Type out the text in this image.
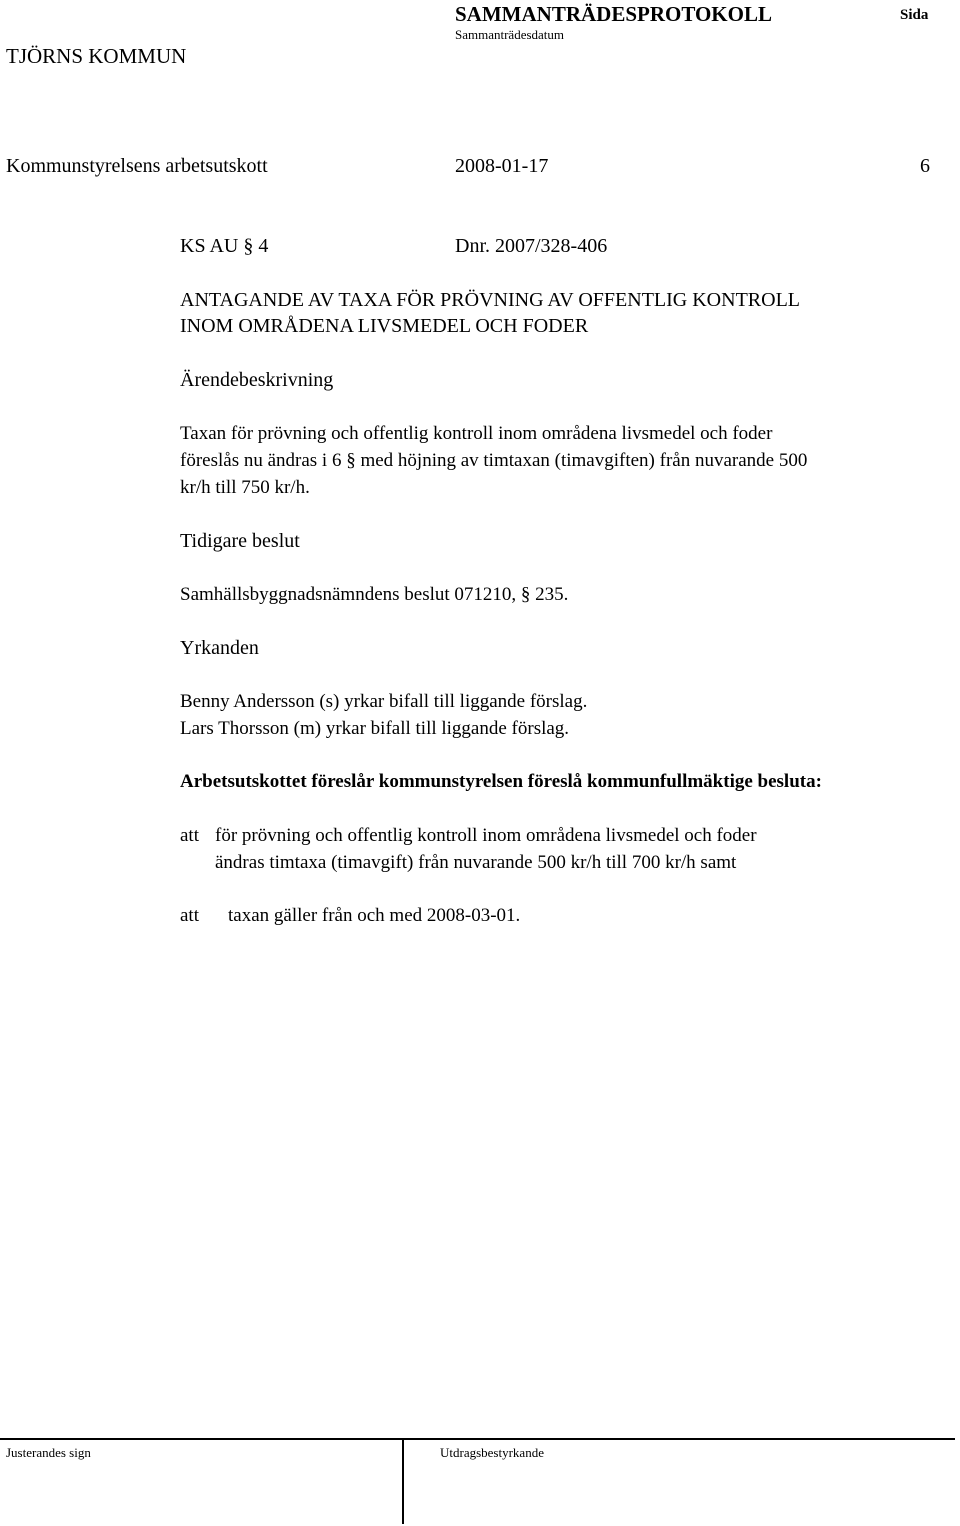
SAMMANTRÄDESPROTOKOLL
Sammanträdesdatum
Sida
TJÖRNS KOMMUN
Kommunstyrelsens arbetsutskott	2008-01-17	6
KS AU § 4	Dnr. 2007/328-406
ANTAGANDE AV TAXA FÖR PRÖVNING AV OFFENTLIG KONTROLL
INOM OMRÅDENA LIVSMEDEL OCH FODER
Ärendebeskrivning
Taxan för prövning och offentlig kontroll inom områdena livsmedel och foder
föreslås nu ändras i 6 § med höjning av timtaxan (timavgiften) från nuvarande 500
kr/h till 750 kr/h.
Tidigare beslut
Samhällsbyggnadsnämndens beslut 071210, § 235.
Yrkanden
Benny Andersson (s) yrkar bifall till liggande förslag.
Lars Thorsson (m) yrkar bifall till liggande förslag.
Arbetsutskottet föreslår kommunstyrelsen föreslå kommunfullmäktige besluta:
att för prövning och offentlig kontroll inom områdena livsmedel och foder
ändras timtaxa (timavgift) från nuvarande 500 kr/h till 700 kr/h samt
att taxan gäller från och med 2008-03-01.
Justerandes sign	Utdragsbestyrkande
